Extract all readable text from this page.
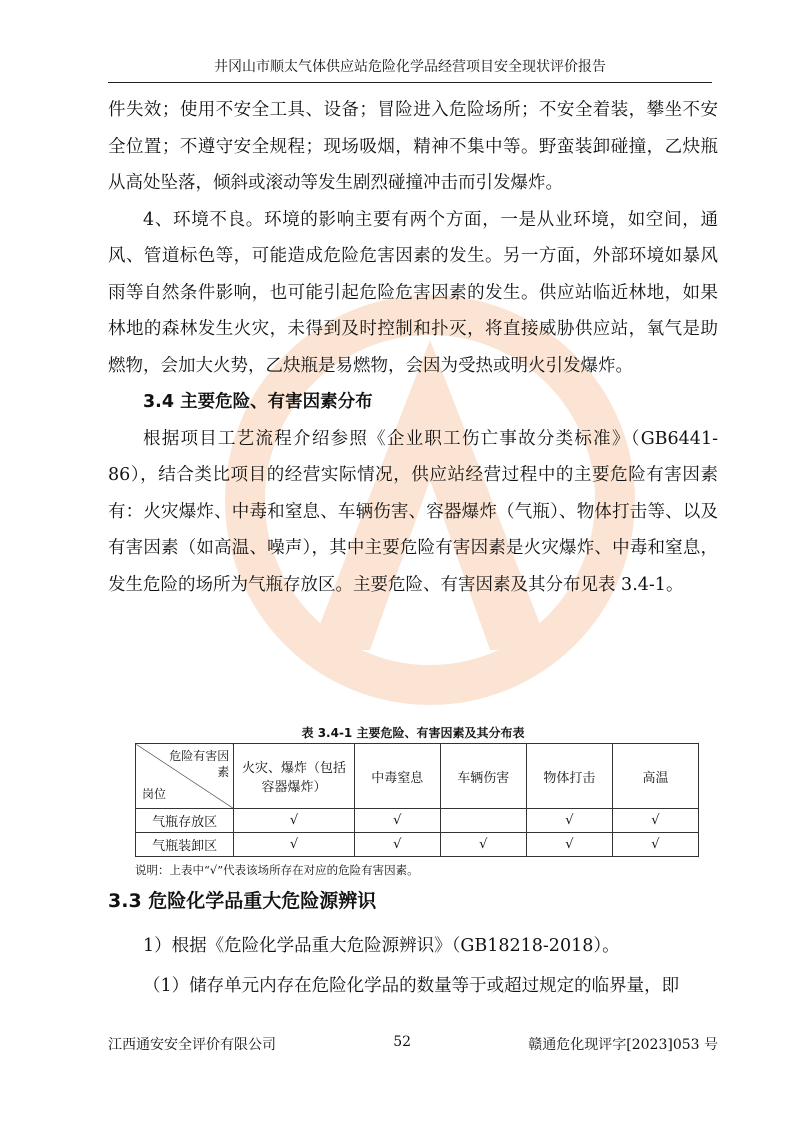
井冈山市顺太气体供应站危险化学品经营项目安全现状评价报告

件失效；使用不安全工具、设备；冒险进入危险场所；不安全着装，攀坐不安全位置；不遵守安全规程；现场吸烟，精神不集中等。野蛮装卸碰撞，乙炔瓶从高处坠落，倾斜或滚动等发生剧烈碰撞冲击而引发爆炸。

4、环境不良。环境的影响主要有两个方面，一是从业环境，如空间，通风、管道标色等，可能造成危险危害因素的发生。另一方面，外部环境如暴风雨等自然条件影响，也可能引起危险危害因素的发生。供应站临近林地，如果林地的森林发生火灾，未得到及时控制和扑灭，将直接威胁供应站，氧气是助燃物，会加大火势，乙炔瓶是易燃物，会因为受热或明火引发爆炸。

3.4 主要危险、有害因素分布

根据项目工艺流程介绍参照《企业职工伤亡事故分类标准》（GB6441-86），结合类比项目的经营实际情况，供应站经营过程中的主要危险有害因素有：火灾爆炸、中毒和窒息、车辆伤害、容器爆炸（气瓶）、物体打击等、以及有害因素（如高温、噪声），其中主要危险有害因素是火灾爆炸、中毒和窒息，发生危险的场所为气瓶存放区。主要危险、有害因素及其分布见表 3.4-1。

表 3.4-1 主要危险、有害因素及其分布表
危险有害因素
岗位	火灾、爆炸（包括容器爆炸）	中毒窒息	车辆伤害	物体打击	高温
气瓶存放区	√	√		√	√
气瓶装卸区	√	√	√	√	√
说明：上表中“√”代表该场所存在对应的危险有害因素。
3.3 危险化学品重大危险源辨识

1）根据《危险化学品重大危险源辨识》（GB18218-2018）。

（1）储存单元内存在危险化学品的数量等于或超过规定的临界量，即

江西通安安全评价有限公司	52	赣通危化现评字[2023]053 号
